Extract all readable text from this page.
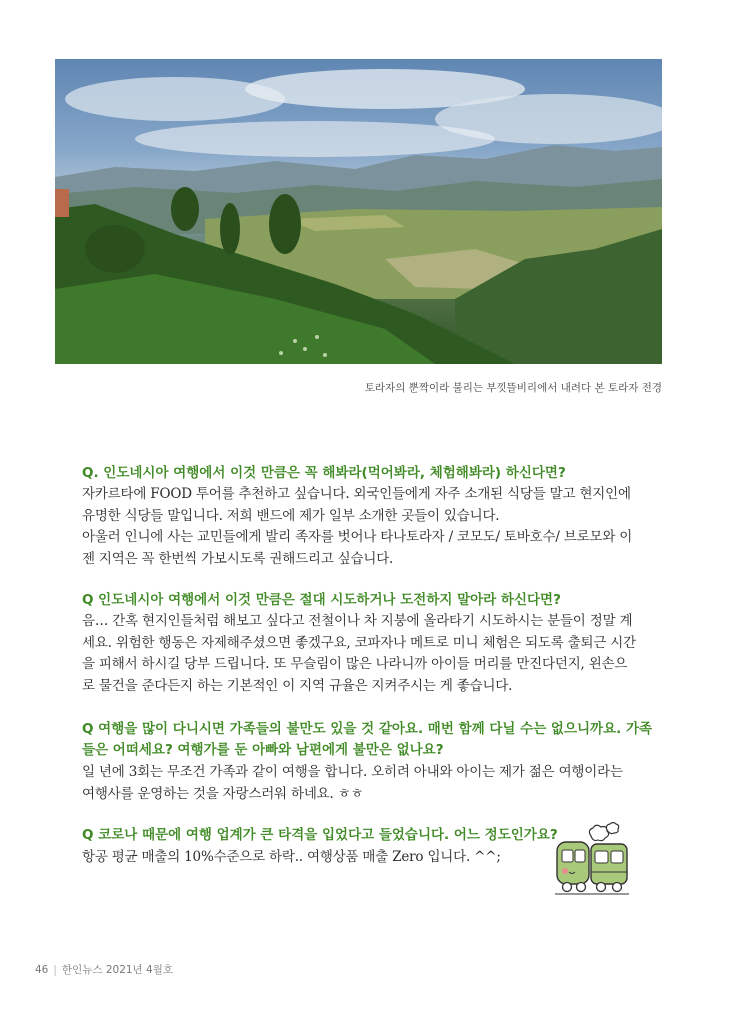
토라자의 뿐짝이라 불리는 부낏뜰비리에서 내려다 본 토라자 전경
Q. 인도네시아 여행에서 이것 만큼은 꼭 해봐라(먹어봐라, 체험해봐라) 하신다면?
자카르타에 FOOD 투어를 추천하고 싶습니다. 외국인들에게 자주 소개된 식당들 말고 현지인에
유명한 식당들 말입니다. 저희 밴드에 제가 일부 소개한 곳들이 있습니다.
아울러 인니에 사는 교민들에게 발리 족자를 벗어나 타나토라자 / 코모도/ 토바호수/ 브로모와 이
젠 지역은 꼭 한번씩 가보시도록 권해드리고 싶습니다.
Q 인도네시아 여행에서 이것 만큼은 절대 시도하거나 도전하지 말아라 하신다면?
음… 간혹 현지인들처럼 해보고 싶다고 전철이나 차 지붕에 올라타기 시도하시는 분들이 정말 계
세요. 위험한 행동은 자제해주셨으면 좋겠구요, 코파자나 메트로 미니 체험은 되도록 출퇴근 시간
을 피해서 하시길 당부 드립니다. 또 무슬림이 많은 나라니까 아이들 머리를 만진다던지, 왼손으
로 물건을 준다든지 하는 기본적인 이 지역 규율은 지켜주시는 게 좋습니다.
Q 여행을 많이 다니시면 가족들의 불만도 있을 것 같아요. 매번 함께 다닐 수는 없으니까요. 가족
들은 어떠세요? 여행가를 둔 아빠와 남편에게 불만은 없나요?
일 년에 3회는 무조건 가족과 같이 여행을 합니다. 오히려 아내와 아이는 제가 젊은 여행이라는
여행사를 운영하는 것을 자랑스러워 하네요. ㅎㅎ
Q 코로나 때문에 여행 업계가 큰 타격을 입었다고 들었습니다. 어느 정도인가요?
항공 평균 매출의 10%수준으로 하락.. 여행상품 매출 Zero 입니다. ^^;
46 | 한인뉴스 2021년 4월호
